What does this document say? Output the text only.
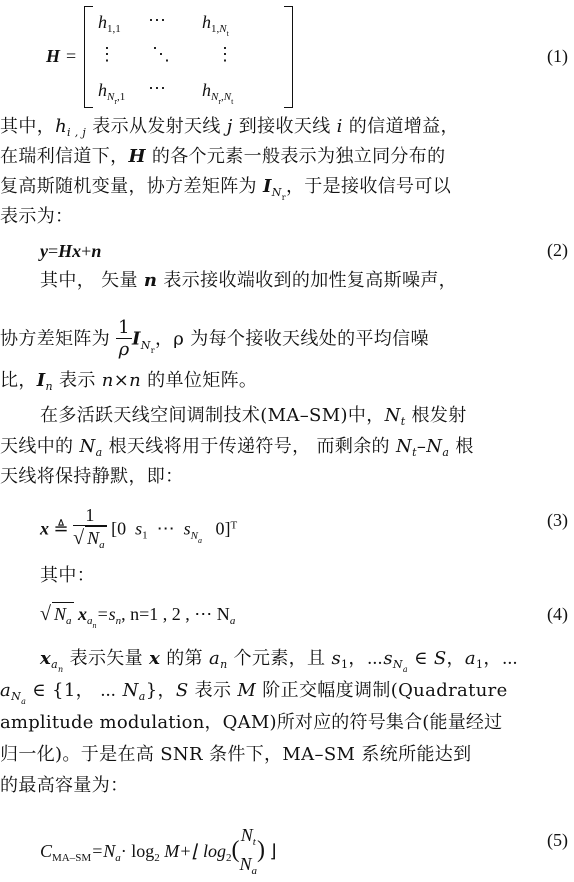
H =
$h_{1,1}$ ⋯ $h_{1,N_t}$
⋮ ⋱	⋮
$h_{N_r,1}$ ⋯ $h_{N_r,N_t}$
(1)
其中，$h_{i , j}$ 表示从发射天线 j 到接收天线 i 的信道增益，
在瑞利信道下，H 的各个元素一般表示为独立同分布的
复高斯随机变量，协方差矩阵为 $I_{N_r}$，于是接收信号可以
表示为：
y=Hx+n	(2)
其中， 矢量 n 表示接收端收到的加性复高斯噪声，
协方差矩阵为 $\frac{1}{\rho} I_{N_r}$，ρ 为每个接收天线处的平均信噪
比，$I_n$ 表示 n×n 的单位矩阵。
在多活跃天线空间调制技术(MA–SM)中，$N_t$ 根发射
天线中的 $N_a$ 根天线将用于传递符号， 而剩余的 $N_t-N_a$ 根
天线将保持静默，即：
x ≜ $\frac{1}{√ N_a} [0$ $s_1$ ⋯ $s_{N_a}$   0]$^T$	(3)
其中：
√ $N_a$ $x_{a_n}=s_n$, n=1 , 2 , ⋯ $N_a$	(4)
$x_{a_n}$ 表示矢量 x 的第 $a_n$ 个元素，且 $s_1$，$\cdots s_{N_a}$ ∈ S，$a_1$，⋯
$a_{N_a}$ ∈ {1， ⋯ $N_a$}，S 表示 M 阶正交幅度调制(Quadrature
amplitude modulation，QAM)所对应的符号集合(能量经过
归一化)。于是在高 SNR 条件下，MA–SM 系统所能达到
的最高容量为：
$C_{MA-SM}=N_a\cdot \log_2$ M+⌊ $\log_2$(
$N_t$
$N_a$
) ⌋
(5)
